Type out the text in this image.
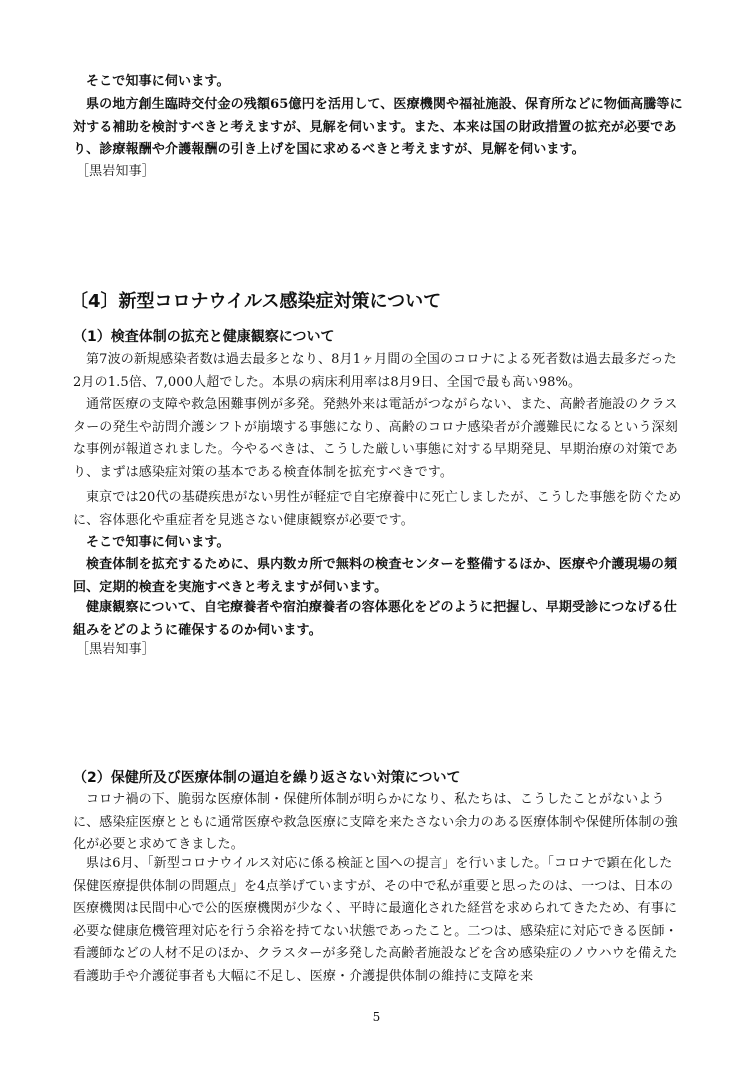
そこで知事に伺います。

県の地方創生臨時交付金の残額65億円を活用して、医療機関や福祉施設、保育所などに物価高騰等に対する補助を検討すべきと考えますが、見解を伺います。また、本来は国の財政措置の拡充が必要であり、診療報酬や介護報酬の引き上げを国に求めるべきと考えますが、見解を伺います。

［黒岩知事］

〔4〕新型コロナウイルス感染症対策について

（1）検査体制の拡充と健康観察について

第7波の新規感染者数は過去最多となり、8月1ヶ月間の全国のコロナによる死者数は過去最多だった2月の1.5倍、7,000人超でした。本県の病床利用率は8月9日、全国で最も高い98%。

通常医療の支障や救急困難事例が多発。発熱外来は電話がつながらない、また、高齢者施設のクラスターの発生や訪問介護シフトが崩壊する事態になり、高齢のコロナ感染者が介護難民になるという深刻な事例が報道されました。今やるべきは、こうした厳しい事態に対する早期発見、早期治療の対策であり、まずは感染症対策の基本である検査体制を拡充すべきです。

東京では20代の基礎疾患がない男性が軽症で自宅療養中に死亡しましたが、こうした事態を防ぐために、容体悪化や重症者を見逃さない健康観察が必要です。

そこで知事に伺います。

検査体制を拡充するために、県内数カ所で無料の検査センターを整備するほか、医療や介護現場の頻回、定期的検査を実施すべきと考えますが伺います。

健康観察について、自宅療養者や宿泊療養者の容体悪化をどのように把握し、早期受診につなげる仕組みをどのように確保するのか伺います。

［黒岩知事］

（2）保健所及び医療体制の逼迫を繰り返さない対策について

コロナ禍の下、脆弱な医療体制・保健所体制が明らかになり、私たちは、こうしたことがないように、感染症医療とともに通常医療や救急医療に支障を来たさない余力のある医療体制や保健所体制の強化が必要と求めてきました。

県は6月、「新型コロナウイルス対応に係る検証と国への提言」を行いました。「コロナで顕在化した保健医療提供体制の問題点」を4点挙げていますが、その中で私が重要と思ったのは、一つは、日本の医療機関は民間中心で公的医療機関が少なく、平時に最適化された経営を求められてきたため、有事に必要な健康危機管理対応を行う余裕を持てない状態であったこと。二つは、感染症に対応できる医師・看護師などの人材不足のほか、クラスターが多発した高齢者施設などを含め感染症のノウハウを備えた看護助手や介護従事者も大幅に不足し、医療・介護提供体制の維持に支障を来

5
